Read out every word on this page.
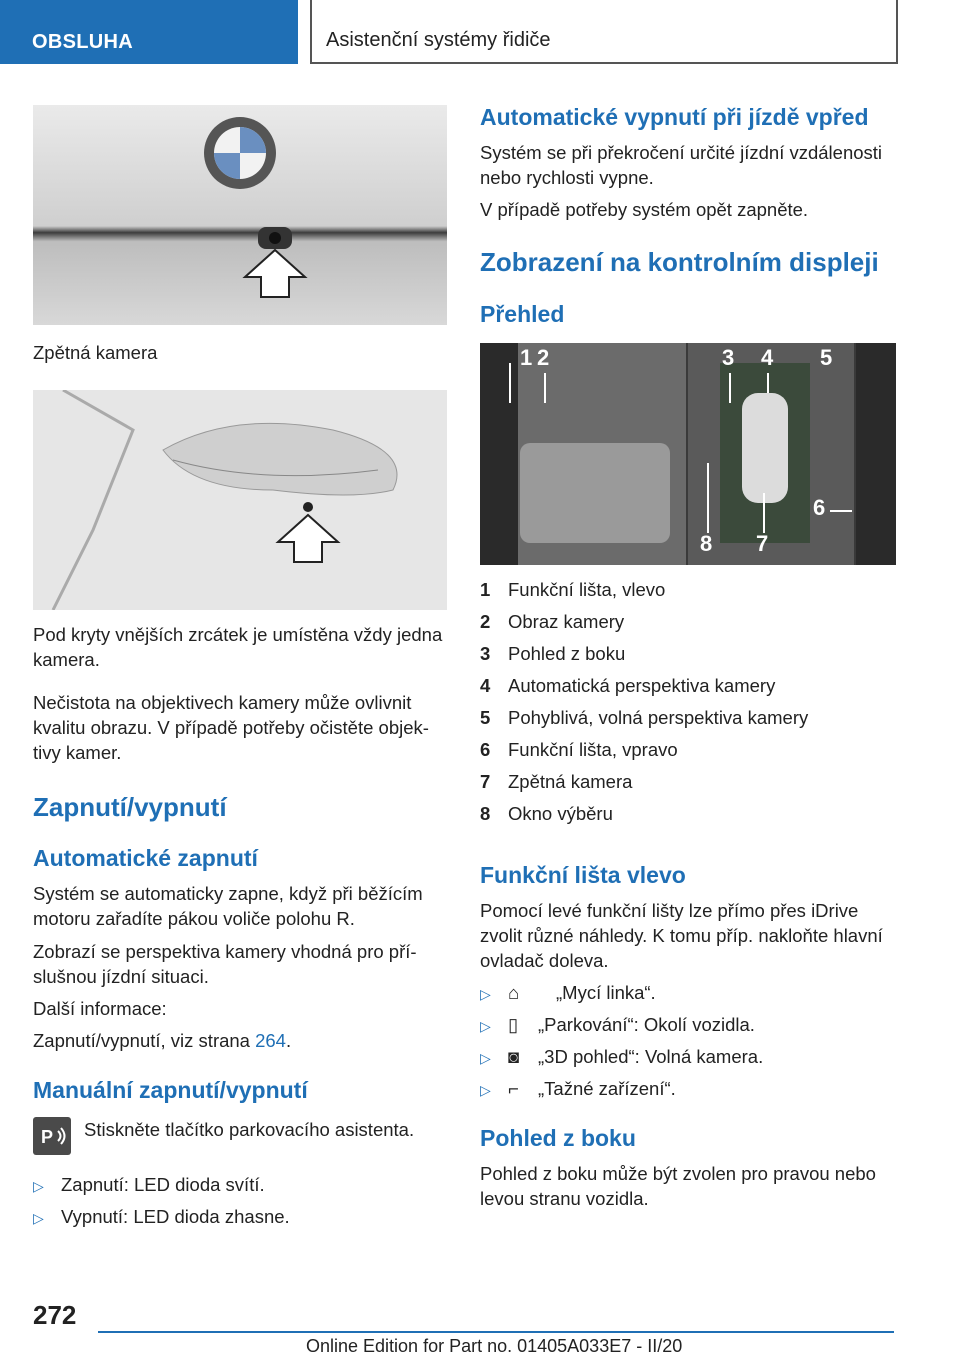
OBSLUHA	Asistenční systémy řidiče

Zpětná kamera

Pod kryty vnějších zrcátek je umístěna vždy jedna kamera.

Nečistota na objektivech kamery může ovlivnit kvalitu obrazu. V případě potřeby očistěte objek-tivy kamer.

Zapnutí/vypnutí
Automatické zapnutí

Systém se automaticky zapne, když při běžícím motoru zařadíte pákou voliče polohu R.

Zobrazí se perspektiva kamery vhodná pro pří-slušnou jízdní situaci.

Další informace:

Zapnutí/vypnutí, viz strana 264.

Manuální zapnutí/vypnutí
P Stiskněte tlačítko parkovacího asistenta.

▷ Zapnutí: LED dioda svítí.

▷ Vypnutí: LED dioda zhasne.

Automatické vypnutí při jízdě vpřed

Systém se při překročení určité jízdní vzdálenosti nebo rychlosti vypne.

V případě potřeby systém opět zapněte.

Zobrazení na kontrolním displeji
Přehled
1 2	3 4 5
6
7
8

1 Funkční lišta, vlevo

2 Obraz kamery

3 Pohled z boku

4 Automatická perspektiva kamery

5 Pohyblivá, volná perspektiva kamery

6 Funkční lišta, vpravo

7 Zpětná kamera

8 Okno výběru

Funkční lišta vlevo

Pomocí levé funkční lišty lze přímo přes iDrive zvolit různé náhledy. K tomu příp. nakloňte hlavní ovladač doleva.

▷ ⌂ „Mycí linka“.

▷ ▯ „Parkování“: Okolí vozidla.

▷ ◙ „3D pohled“: Volná kamera.

▷ ⌐ „Tažné zařízení“.

Pohled z boku

Pohled z boku může být zvolen pro pravou nebo levou stranu vozidla.

272
Online Edition for Part no. 01405A033E7 - II/20
